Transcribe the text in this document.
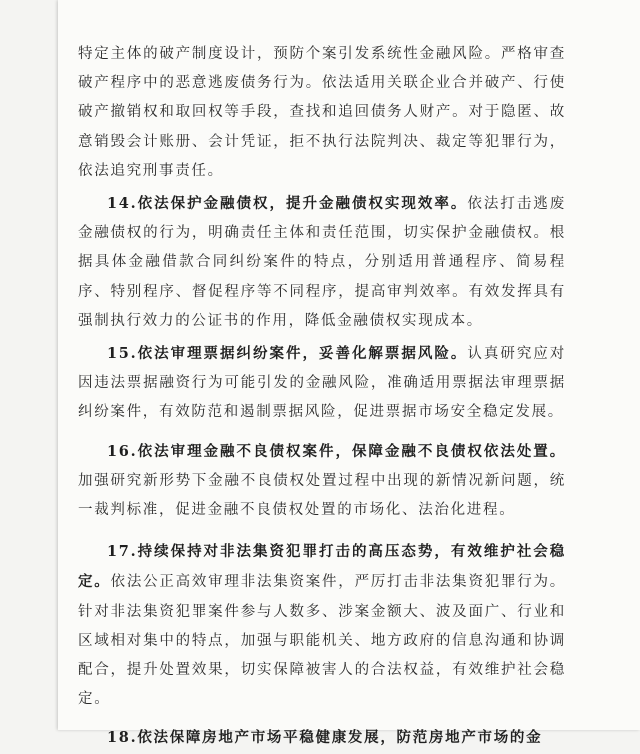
特定主体的破产制度设计，预防个案引发系统性金融风险。严格审查破产程序中的恶意逃废债务行为。依法适用关联企业合并破产、行使破产撤销权和取回权等手段，查找和追回债务人财产。对于隐匿、故意销毁会计账册、会计凭证，拒不执行法院判决、裁定等犯罪行为，依法追究刑事责任。

14.依法保护金融债权，提升金融债权实现效率。依法打击逃废金融债权的行为，明确责任主体和责任范围，切实保护金融债权。根据具体金融借款合同纠纷案件的特点，分别适用普通程序、简易程序、特别程序、督促程序等不同程序，提高审判效率。有效发挥具有强制执行效力的公证书的作用，降低金融债权实现成本。

15.依法审理票据纠纷案件，妥善化解票据风险。认真研究应对因违法票据融资行为可能引发的金融风险，准确适用票据法审理票据纠纷案件，有效防范和遏制票据风险，促进票据市场安全稳定发展。

16.依法审理金融不良债权案件，保障金融不良债权依法处置。加强研究新形势下金融不良债权处置过程中出现的新情况新问题，统一裁判标准，促进金融不良债权处置的市场化、法治化进程。

17.持续保持对非法集资犯罪打击的高压态势，有效维护社会稳定。依法公正高效审理非法集资案件，严厉打击非法集资犯罪行为。针对非法集资犯罪案件参与人数多、涉案金额大、波及面广、行业和区域相对集中的特点，加强与职能机关、地方政府的信息沟通和协调配合，提升处置效果，切实保障被害人的合法权益，有效维护社会稳定。

18.依法保障房地产市场平稳健康发展，防范房地产市场的金
